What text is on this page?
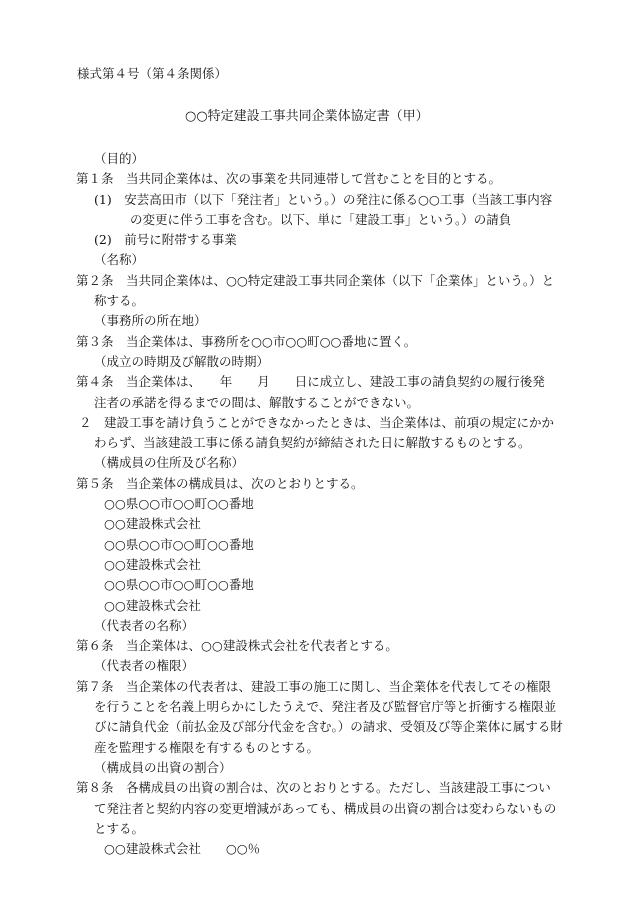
様式第４号（第４条関係）
○○特定建設工事共同企業体協定書（甲）
（目的）
第１条　当共同企業体は、次の事業を共同連帯して営むことを目的とする。
(1)　安芸高田市（以下「発注者」という。）の発注に係る○○工事（当該工事内容
の変更に伴う工事を含む。以下、単に「建設工事」という。）の請負
(2)　前号に附帯する事業
（名称）
第２条　当共同企業体は、○○特定建設工事共同企業体（以下「企業体」という。）と
称する。
（事務所の所在地）
第３条　当企業体は、事務所を○○市○○町○○番地に置く。
（成立の時期及び解散の時期）
第４条　当企業体は、　　年　　月　　日に成立し、建設工事の請負契約の履行後発
注者の承諾を得るまでの間は、解散することができない。
２　建設工事を請け負うことができなかったときは、当企業体は、前項の規定にかか
わらず、当該建設工事に係る請負契約が締結された日に解散するものとする。
（構成員の住所及び名称）
第５条　当企業体の構成員は、次のとおりとする。
○○県○○市○○町○○番地
○○建設株式会社
○○県○○市○○町○○番地
○○建設株式会社
○○県○○市○○町○○番地
○○建設株式会社
（代表者の名称）
第６条　当企業体は、○○建設株式会社を代表者とする。
（代表者の権限）
第７条　当企業体の代表者は、建設工事の施工に関し、当企業体を代表してその権限
を行うことを名義上明らかにしたうえで、発注者及び監督官庁等と折衝する権限並
びに請負代金（前払金及び部分代金を含む。）の請求、受領及び等企業体に属する財
産を監理する権限を有するものとする。
（構成員の出資の割合）
第８条　各構成員の出資の割合は、次のとおりとする。ただし、当該建設工事につい
て発注者と契約内容の変更増減があっても、構成員の出資の割合は変わらないもの
とする。
○○建設株式会社　　○○％
